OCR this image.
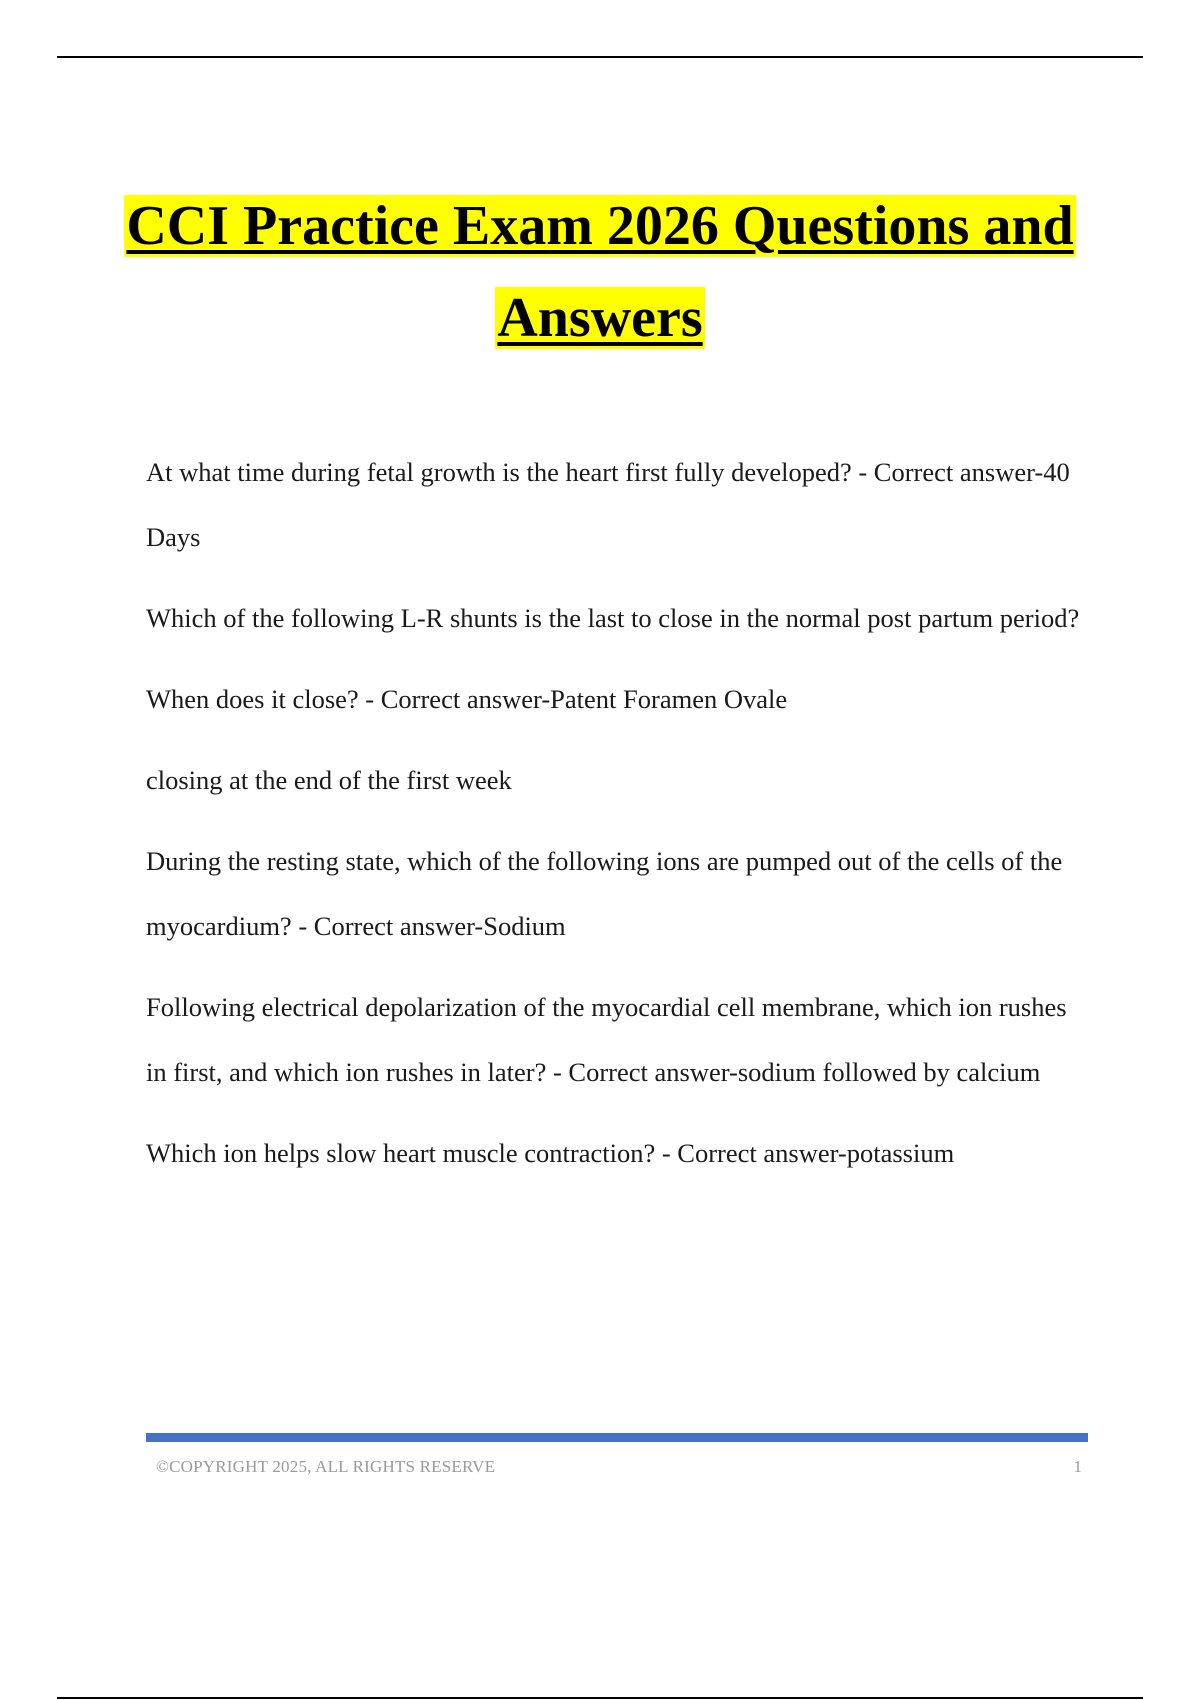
CCI Practice Exam 2026 Questions and
Answers

At what time during fetal growth is the heart first fully developed? - Correct answer-40 Days

Which of the following L-R shunts is the last to close in the normal post partum period?

When does it close? - Correct answer-Patent Foramen Ovale

closing at the end of the first week

During the resting state, which of the following ions are pumped out of the cells of the myocardium? - Correct answer-Sodium

Following electrical depolarization of the myocardial cell membrane, which ion rushes in first, and which ion rushes in later? - Correct answer-sodium followed by calcium

Which ion helps slow heart muscle contraction? - Correct answer-potassium

©COPYRIGHT 2025, ALL RIGHTS RESERVE	1
